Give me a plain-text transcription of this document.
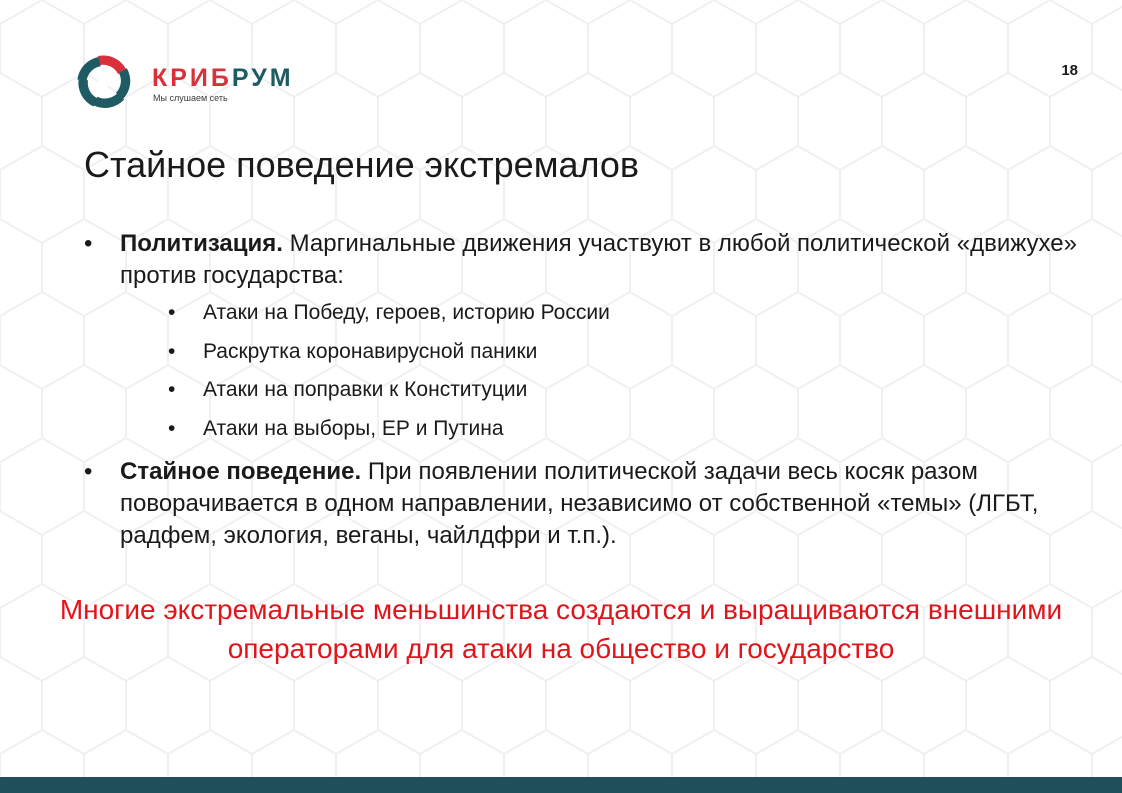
КРИБРУМ
Мы слушаем сеть
18
Стайное поведение экстремалов
• Политизация. Маргинальные движения участвуют в любой политической «движухе» против государства:
• Атаки на Победу, героев, историю России
• Раскрутка коронавирусной паники
• Атаки на поправки к Конституции
• Атаки на выборы, ЕР и Путина
• Стайное поведение. При появлении политической задачи весь косяк разом поворачивается в одном направлении, независимо от собственной «темы» (ЛГБТ, радфем, экология, веганы, чайлдфри и т.п.).

Многие экстремальные меньшинства создаются и выращиваются внешними операторами для атаки на общество и государство
